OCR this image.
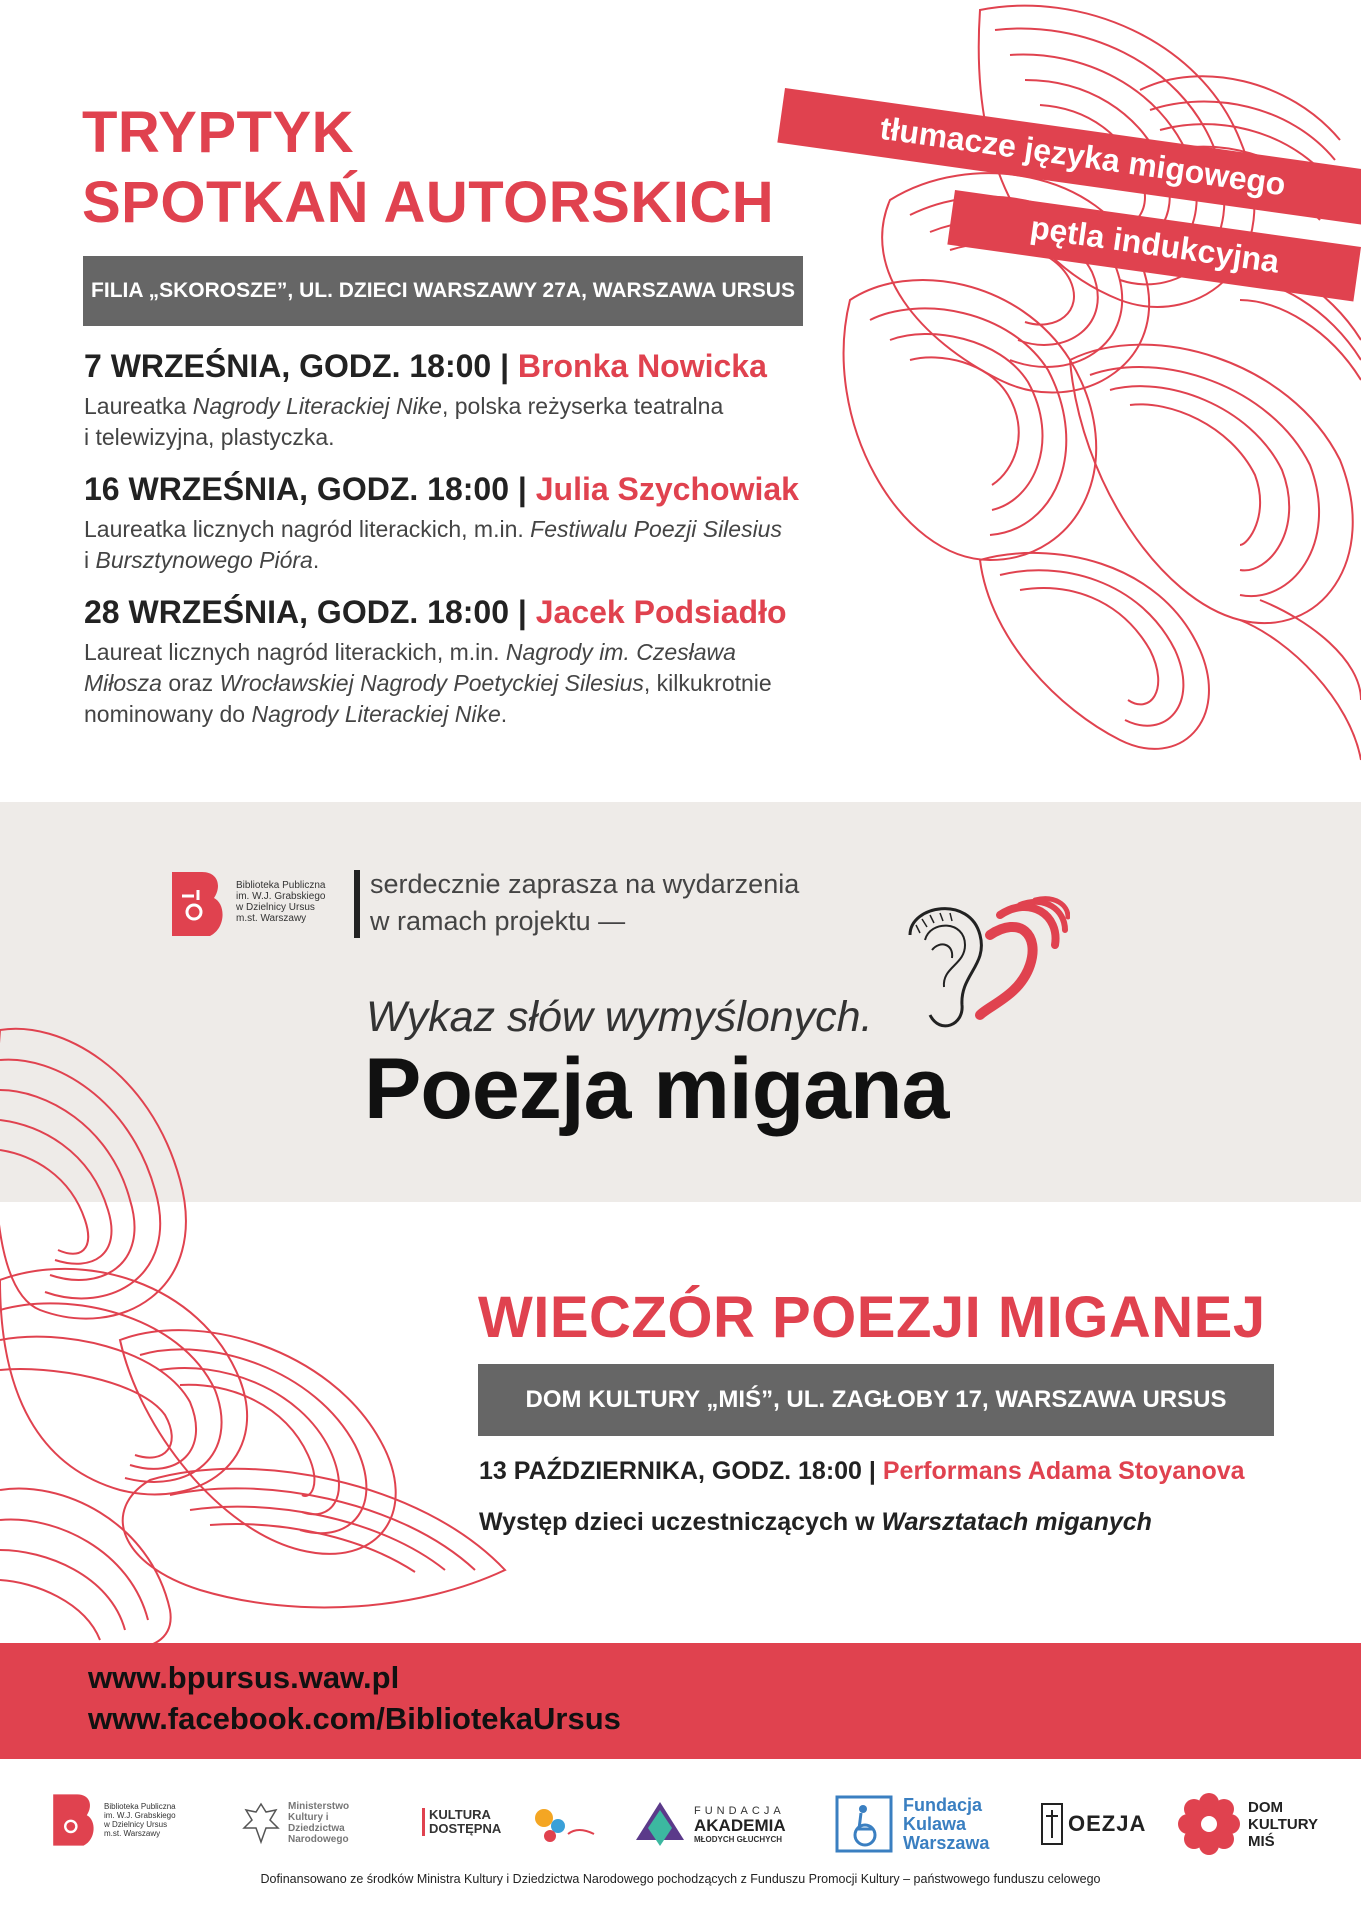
TRYPTYK
SPOTKAŃ AUTORSKICH
FILIA „SKOROSZE”, UL. DZIECI WARSZAWY 27A, WARSZAWA URSUS
tłumacze języka migowego
pętla indukcyjna
7 WRZEŚNIA, GODZ. 18:00 | Bronka Nowicka
Laureatka Nagrody Literackiej Nike, polska reżyserka teatralna
i telewizyjna, plastyczka.
16 WRZEŚNIA, GODZ. 18:00 | Julia Szychowiak
Laureatka licznych nagród literackich, m.in. Festiwalu Poezji Silesius
i Bursztynowego Pióra.
28 WRZEŚNIA, GODZ. 18:00 | Jacek Podsiadło
Laureat licznych nagród literackich, m.in. Nagrody im. Czesława
Miłosza oraz Wrocławskiej Nagrody Poetyckiej Silesius, kilkukrotnie
nominowany do Nagrody Literackiej Nike.
Biblioteka Publiczna
im. W.J. Grabskiego
w Dzielnicy Ursus
m.st. Warszawy
serdecznie zaprasza na wydarzenia
w ramach projektu —
Wykaz słów wymyślonych.
Poezja migana
WIECZÓR POEZJI MIGANEJ
DOM KULTURY „MIŚ”, UL. ZAGŁOBY 17, WARSZAWA URSUS
13 PAŹDZIERNIKA, GODZ. 18:00 | Performans Adama Stoyanova
Występ dzieci uczestniczących w Warsztatach miganych
www.bpursus.waw.pl
www.facebook.com/BibliotekaUrsus
Biblioteka Publiczna
im. W.J. Grabskiego
w Dzielnicy Ursus
m.st. Warszawy
Ministerstwo Kultury i Dziedzictwa Narodowego
KULTURA DOSTĘPNA
FUNDACJA
AKADEMIA
MŁODYCH GŁUCHYCH
Fundacja
Kulawa
Warszawa
OEZJA
DOM
KULTURY
MIŚ
Dofinansowano ze środków Ministra Kultury i Dziedzictwa Narodowego pochodzących z Funduszu Promocji Kultury – państwowego funduszu celowego
